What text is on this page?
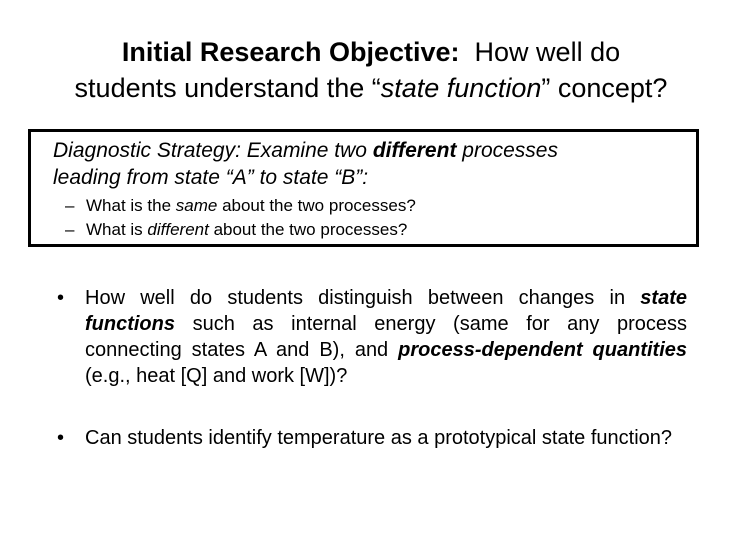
Initial Research Objective: How well do
students understand the “state function” concept?

Diagnostic Strategy: Examine two different processes
leading from state “A” to state “B”:

– What is the same about the two processes?
– What is different about the two processes?
• How well do students distinguish between changes in state functions such as internal energy (same for any process connecting states A and B), and process-dependent quantities (e.g., heat [Q] and work [W])?
• Can students identify temperature as a prototypical state function?
